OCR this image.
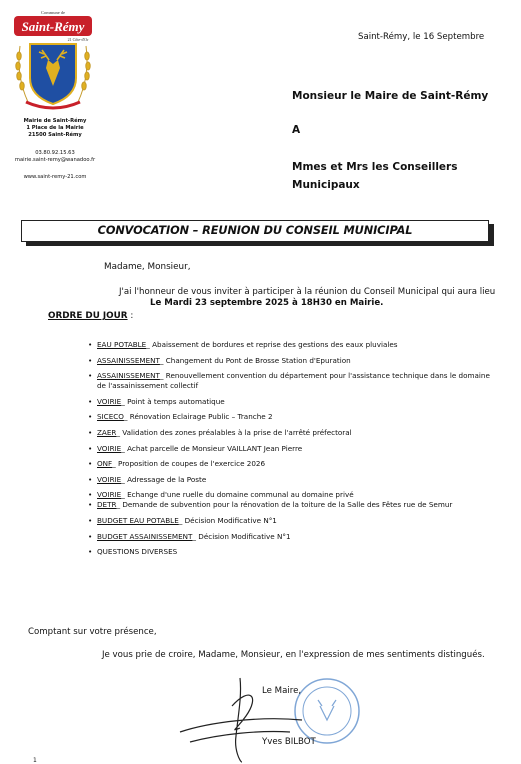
Commune de
Saint-Rémy
21 Côte-d'Or
Mairie de Saint-Rémy
1 Place de la Mairie
21500 Saint-Rémy
03.80.92.15.63
mairie.saint-remy@wanadoo.fr
www.saint-remy-21.com
Saint-Rémy, le 16 Septembre
Monsieur le Maire de Saint-Rémy
A
Mmes et Mrs les Conseillers
Municipaux
CONVOCATION – REUNION DU CONSEIL MUNICIPAL
Madame, Monsieur,
J'ai l'honneur de vous inviter à participer à la réunion du Conseil Municipal qui aura lieu
Le Mardi 23 septembre 2025 à 18H30 en Mairie.
ORDRE DU JOUR :
• EAU POTABLE_ Abaissement de bordures et reprise des gestions des eaux pluviales
• ASSAINISSEMENT_ Changement du Pont de Brosse Station d'Epuration
• ASSAINISSEMENT_ Renouvellement convention du département pour l'assistance technique dans le domaine de l'assainissement collectif
• VOIRIE_ Point à temps automatique
• SICECO_ Rénovation Eclairage Public – Tranche 2
• ZAER_ Validation des zones préalables à la prise de l'arrêté préfectoral
• VOIRIE_ Achat parcelle de Monsieur VAILLANT Jean Pierre
• ONF_ Proposition de coupes de l'exercice 2026
• VOIRIE_ Adressage de la Poste
• VOIRIE_ Echange d'une ruelle du domaine communal au domaine privé
• DETR_ Demande de subvention pour la rénovation de la toiture de la Salle des Fêtes rue de Semur
• BUDGET EAU POTABLE_ Décision Modificative N°1
• BUDGET ASSAINISSEMENT_ Décision Modificative N°1
• QUESTIONS DIVERSES
Comptant sur votre présence,
Je vous prie de croire, Madame, Monsieur, en l'expression de mes sentiments distingués.
Le Maire,
Yves BILBOT
1
